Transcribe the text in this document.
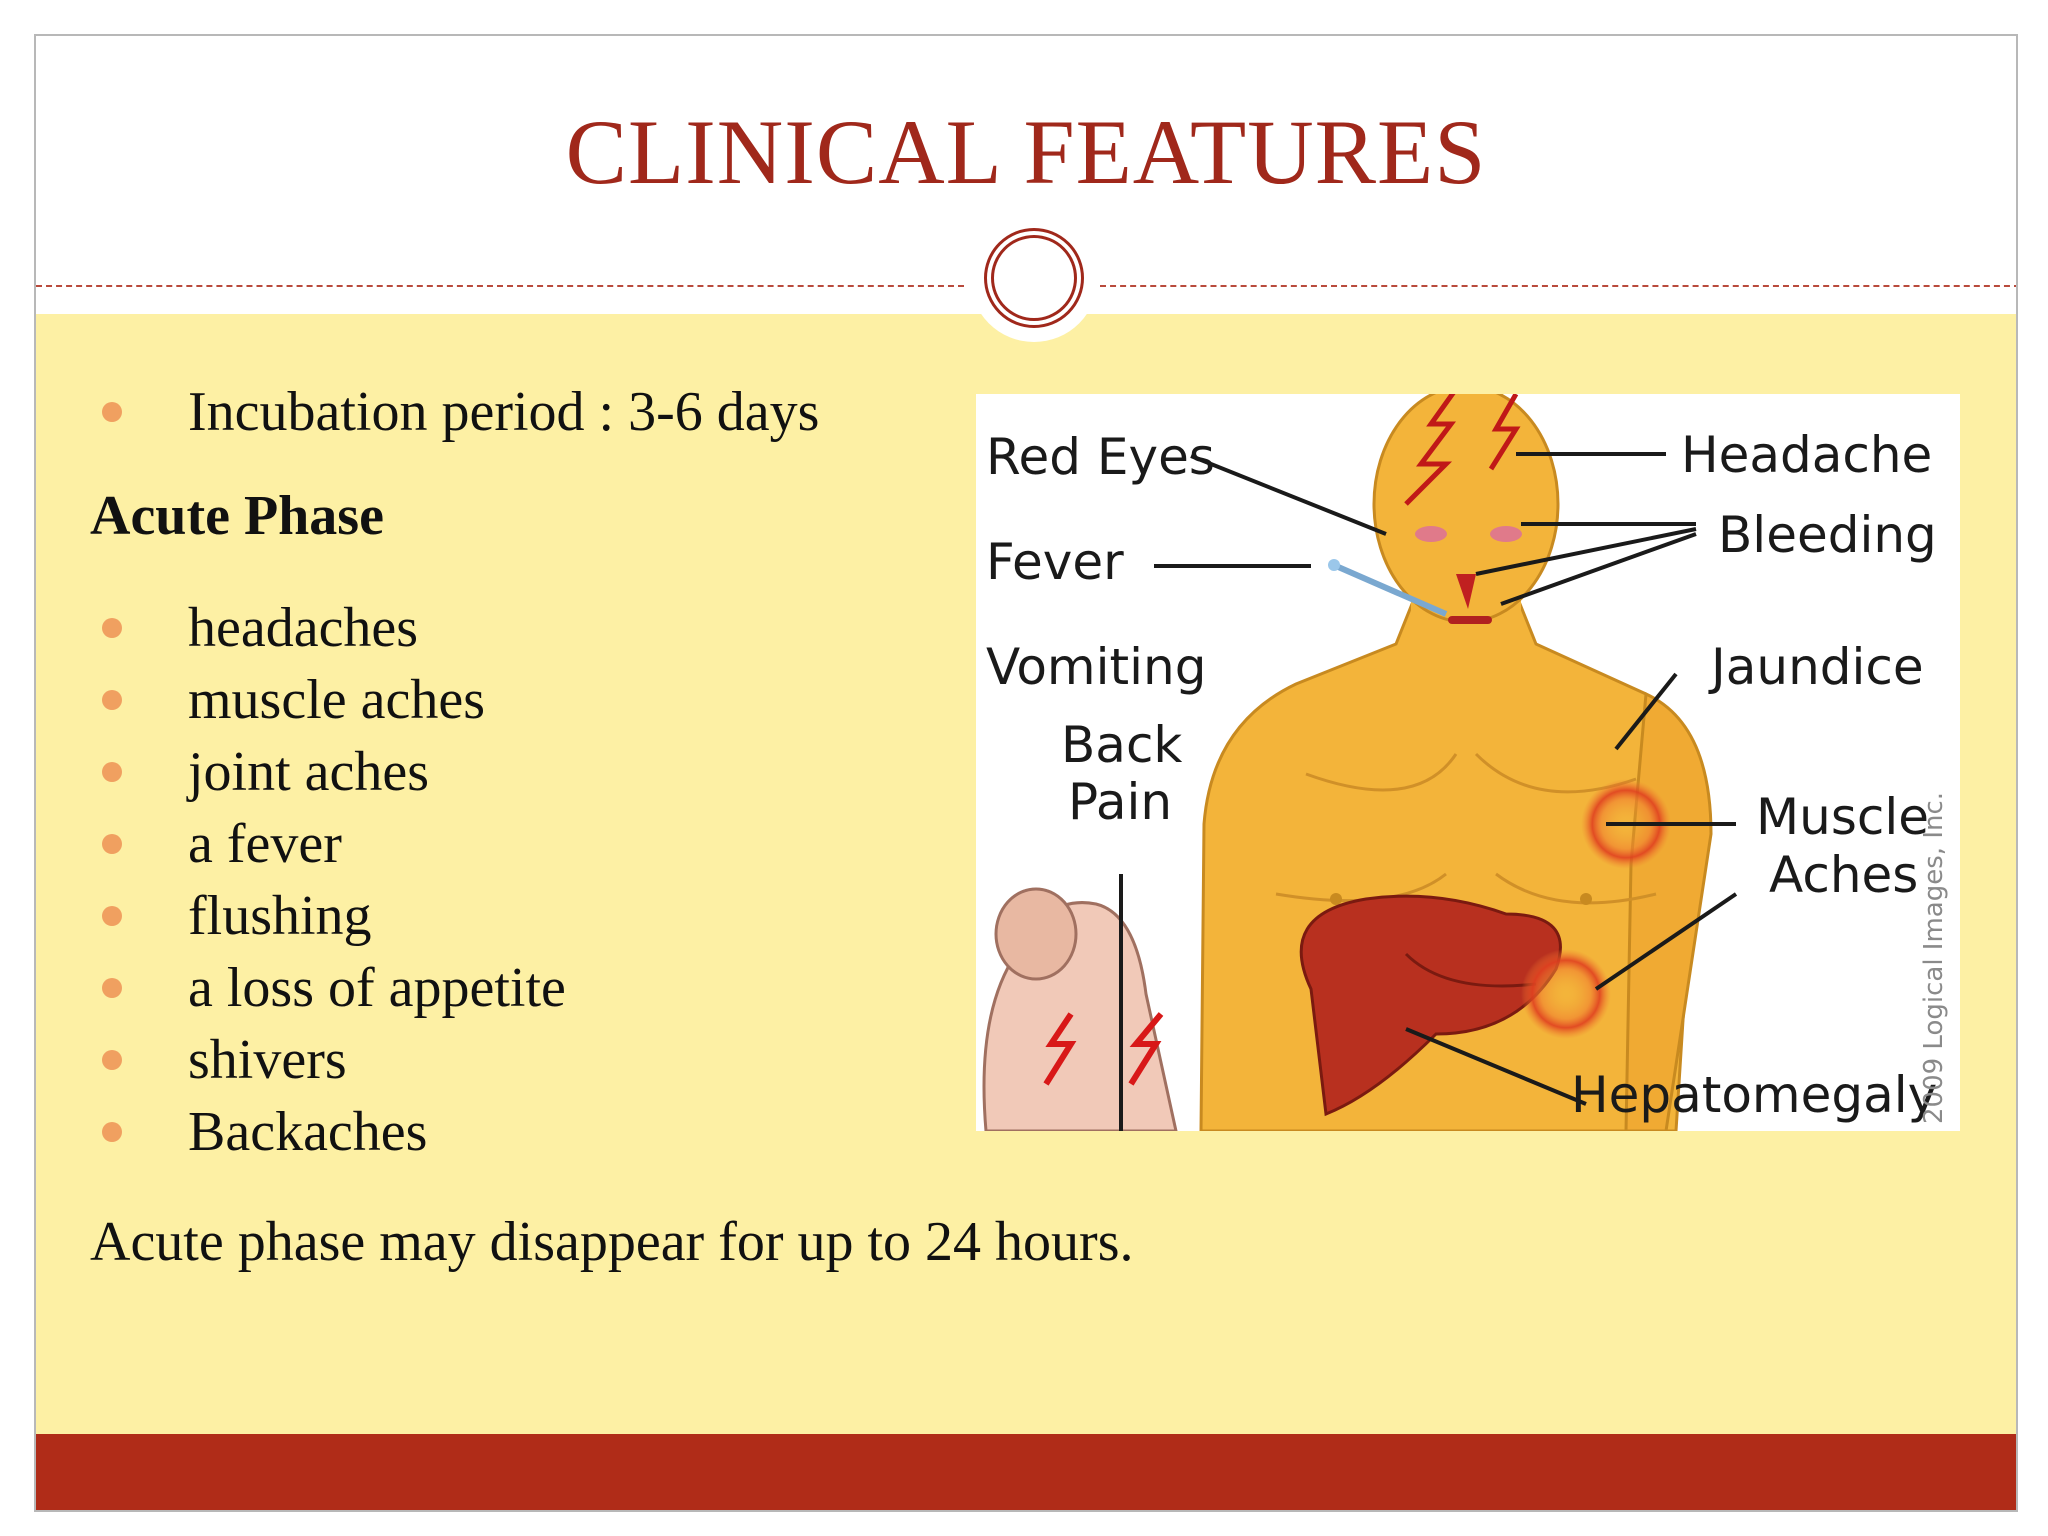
CLINICAL FEATURES
Incubation period : 3-6 days
Acute Phase
headaches
muscle aches
joint aches
a fever
flushing
a loss of appetite
shivers
Backaches
Acute phase may disappear for up to 24 hours.
Red Eyes
Fever
Vomiting
Back
Pain
Headache
Bleeding
Jaundice
Muscle
Aches
Hepatomegaly
2009 Logical Images, Inc.
